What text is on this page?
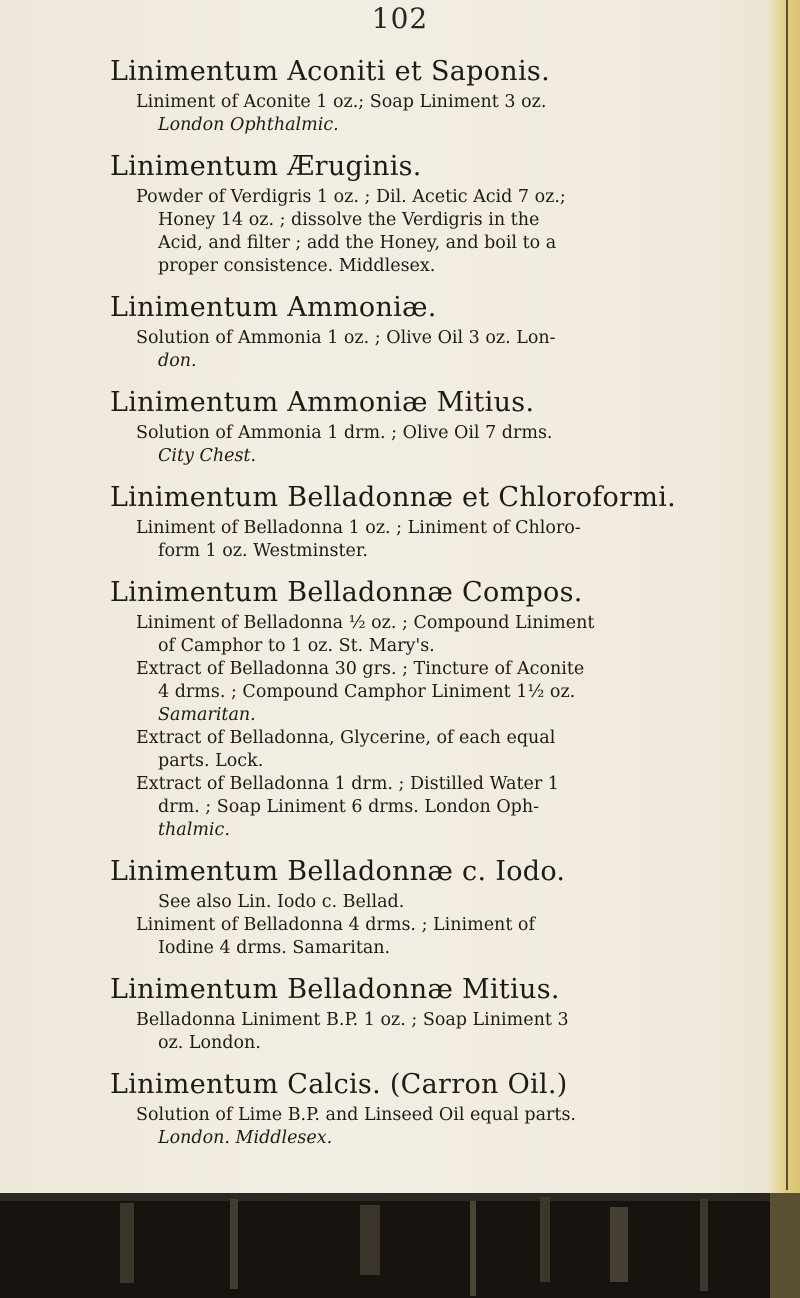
102
Linimentum Aconiti et Saponis.
Liniment of Aconite 1 oz.; Soap Liniment 3 oz.
London Ophthalmic.
Linimentum Æruginis.
Powder of Verdigris 1 oz. ; Dil. Acetic Acid 7 oz.;
Honey 14 oz. ; dissolve the Verdigris in the
Acid, and filter ; add the Honey, and boil to a
proper consistence. Middlesex.
Linimentum Ammoniæ.
Solution of Ammonia 1 oz. ; Olive Oil 3 oz. Lon-
don.
Linimentum Ammoniæ Mitius.
Solution of Ammonia 1 drm. ; Olive Oil 7 drms.
City Chest.
Linimentum Belladonnæ et Chloroformi.
Liniment of Belladonna 1 oz. ; Liniment of Chloro-
form 1 oz. Westminster.
Linimentum Belladonnæ Compos.
Liniment of Belladonna ½ oz. ; Compound Liniment
of Camphor to 1 oz. St. Mary's.
Extract of Belladonna 30 grs. ; Tincture of Aconite
4 drms. ; Compound Camphor Liniment 1½ oz.
Samaritan.
Extract of Belladonna, Glycerine, of each equal
parts. Lock.
Extract of Belladonna 1 drm. ; Distilled Water 1
drm. ; Soap Liniment 6 drms. London Oph-
thalmic.
Linimentum Belladonnæ c. Iodo.
See also Lin. Iodo c. Bellad.
Liniment of Belladonna 4 drms. ; Liniment of
Iodine 4 drms. Samaritan.
Linimentum Belladonnæ Mitius.
Belladonna Liniment B.P. 1 oz. ; Soap Liniment 3
oz. London.
Linimentum Calcis. (Carron Oil.)
Solution of Lime B.P. and Linseed Oil equal parts.
London. Middlesex.
